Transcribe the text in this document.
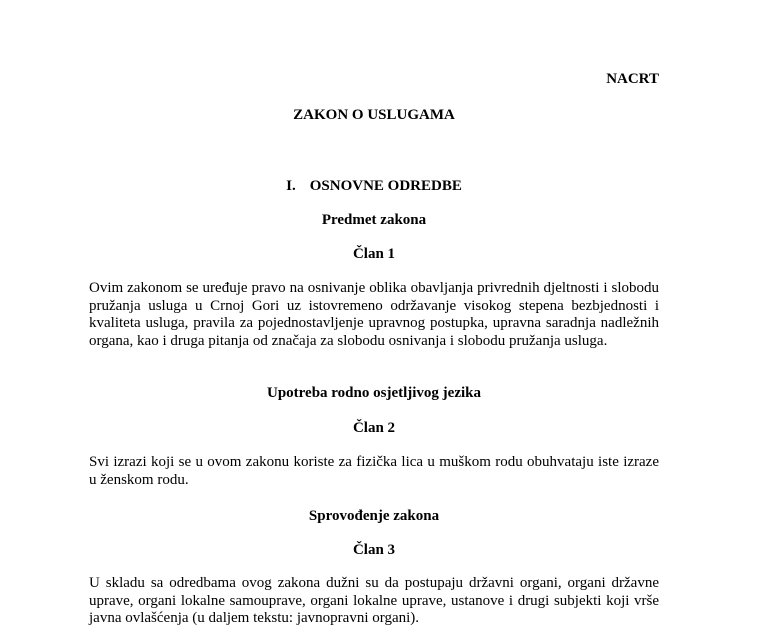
NACRT

ZAKON O USLUGAMA

I. OSNOVNE ODREDBE

Predmet zakona

Član 1

Ovim zakonom se uređuje pravo na osnivanje oblika obavljanja privrednih djeltnosti i slobodu pružanja usluga u Crnoj Gori uz istovremeno održavanje visokog stepena bezbjednosti i kvaliteta usluga, pravila za pojednostavljenje upravnog postupka, upravna saradnja nadležnih organa, kao i druga pitanja od značaja za slobodu osnivanja i slobodu pružanja usluga.

Upotreba rodno osjetljivog jezika

Član 2

Svi izrazi koji se u ovom zakonu koriste za fizička lica u muškom rodu obuhvataju iste izraze u ženskom rodu.

Sprovođenje zakona

Član 3

U skladu sa odredbama ovog zakona dužni su da postupaju državni organi, organi državne uprave, organi lokalne samouprave, organi lokalne uprave, ustanove i drugi subjekti koji vrše javna ovlašćenja (u daljem tekstu: javnopravni organi).
